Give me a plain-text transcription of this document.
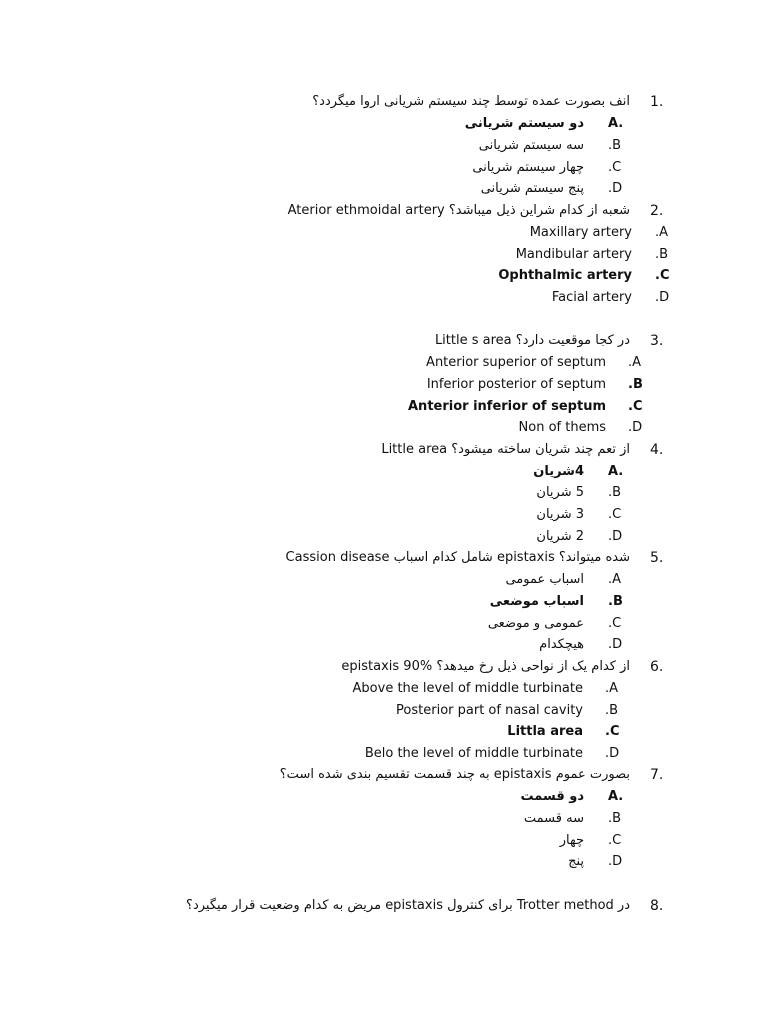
1.
انف بصورت عمده توسط چند سیستم شریانی اروا میگردد؟
A.
دو سیستم شریانی
.B
سه سیستم شریانی
.C
چهار سیستم شریانی
.D
پنج سیستم شریانی
2.
Aterior ethmoidal artery شعبه از کدام شراین ذیل میباشد؟
.A
Maxillary artery
.B
Mandibular artery
.C
Ophthalmic artery
.D
Facial artery
3.
Little s area در کجا موقعیت دارد؟
.A
Anterior superior of septum
.B
Inferior posterior of septum
.C
Anterior inferior of septum
.D
Non of thems
4.
Little area از تعم چند شریان ساخته میشود؟
A.
4شریان
.B
5 شریان
.C
3 شریان
.D
2 شریان
5.
Cassion disease شامل کدام اسباب epistaxis شده میتواند؟
.A
اسباب عمومی
.B
اسباب موضعی
.C
عمومی و موضعی
.D
هیچکدام
6.
epistaxis 90% از کدام یک از نواحی ذیل رخ میدهد؟
.A
Above the level of middle turbinate
.B
Posterior part of nasal cavity
.C
Littla area
.D
Belo the level of middle turbinate
7.
بصورت عموم epistaxis به چند قسمت تقسیم بندی شده است؟
A.
دو قسمت
.B
سه قسمت
.C
چهار
.D
پنج
8.
در Trotter method برای کنترول epistaxis مریض به کدام وضعیت قرار میگیرد؟
